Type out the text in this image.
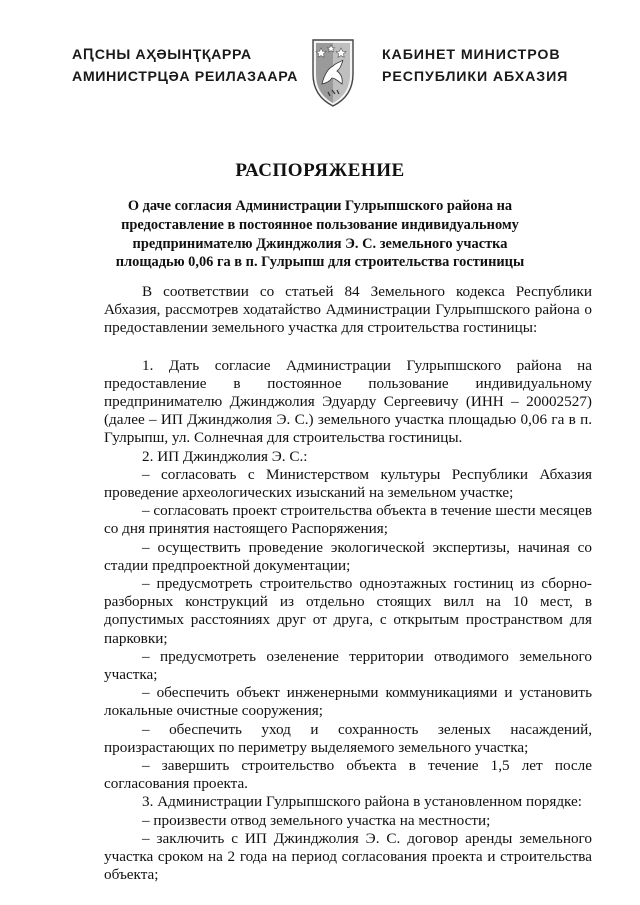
АԤСНЫ АҲӘЫНҬҚАРРА
АМИНИСТРЦӘА РЕИЛАЗААРА
КАБИНЕТ МИНИСТРОВ
РЕСПУБЛИКИ АБХАЗИЯ
РАСПОРЯЖЕНИЕ
О даче согласия Администрации Гулрыпшского района на предоставление в постоянное пользование индивидуальному предпринимателю Джинджолия Э. С. земельного участка площадью 0,06 га в п. Гулрыпш для строительства гостиницы

В соответствии со статьей 84 Земельного кодекса Республики Абхазия, рассмотрев ходатайство Администрации Гулрыпшского района о предоставлении земельного участка для строительства гостиницы:

1. Дать согласие Администрации Гулрыпшского района на предоставление в постоянное пользование индивидуальному предпринимателю Джинджолия Эдуарду Сергеевичу (ИНН – 20002527) (далее – ИП Джинджолия Э. С.) земельного участка площадью 0,06 га в п. Гулрыпш, ул. Солнечная для строительства гостиницы.

2. ИП Джинджолия Э. С.:

– согласовать с Министерством культуры Республики Абхазия проведение археологических изысканий на земельном участке;

– согласовать проект строительства объекта в течение шести месяцев со дня принятия настоящего Распоряжения;

– осуществить проведение экологической экспертизы, начиная со стадии предпроектной документации;

– предусмотреть строительство одноэтажных гостиниц из сборно-разборных конструкций из отдельно стоящих вилл на 10 мест, в допустимых расстояниях друг от друга, с открытым пространством для парковки;

– предусмотреть озеленение территории отводимого земельного участка;

– обеспечить объект инженерными коммуникациями и установить локальные очистные сооружения;

– обеспечить уход и сохранность зеленых насаждений, произрастающих по периметру выделяемого земельного участка;

– завершить строительство объекта в течение 1,5 лет после согласования проекта.

3. Администрации Гулрыпшского района в установленном порядке:

– произвести отвод земельного участка на местности;

– заключить с ИП Джинджолия Э. С. договор аренды земельного участка сроком на 2 года на период согласования проекта и строительства объекта;
